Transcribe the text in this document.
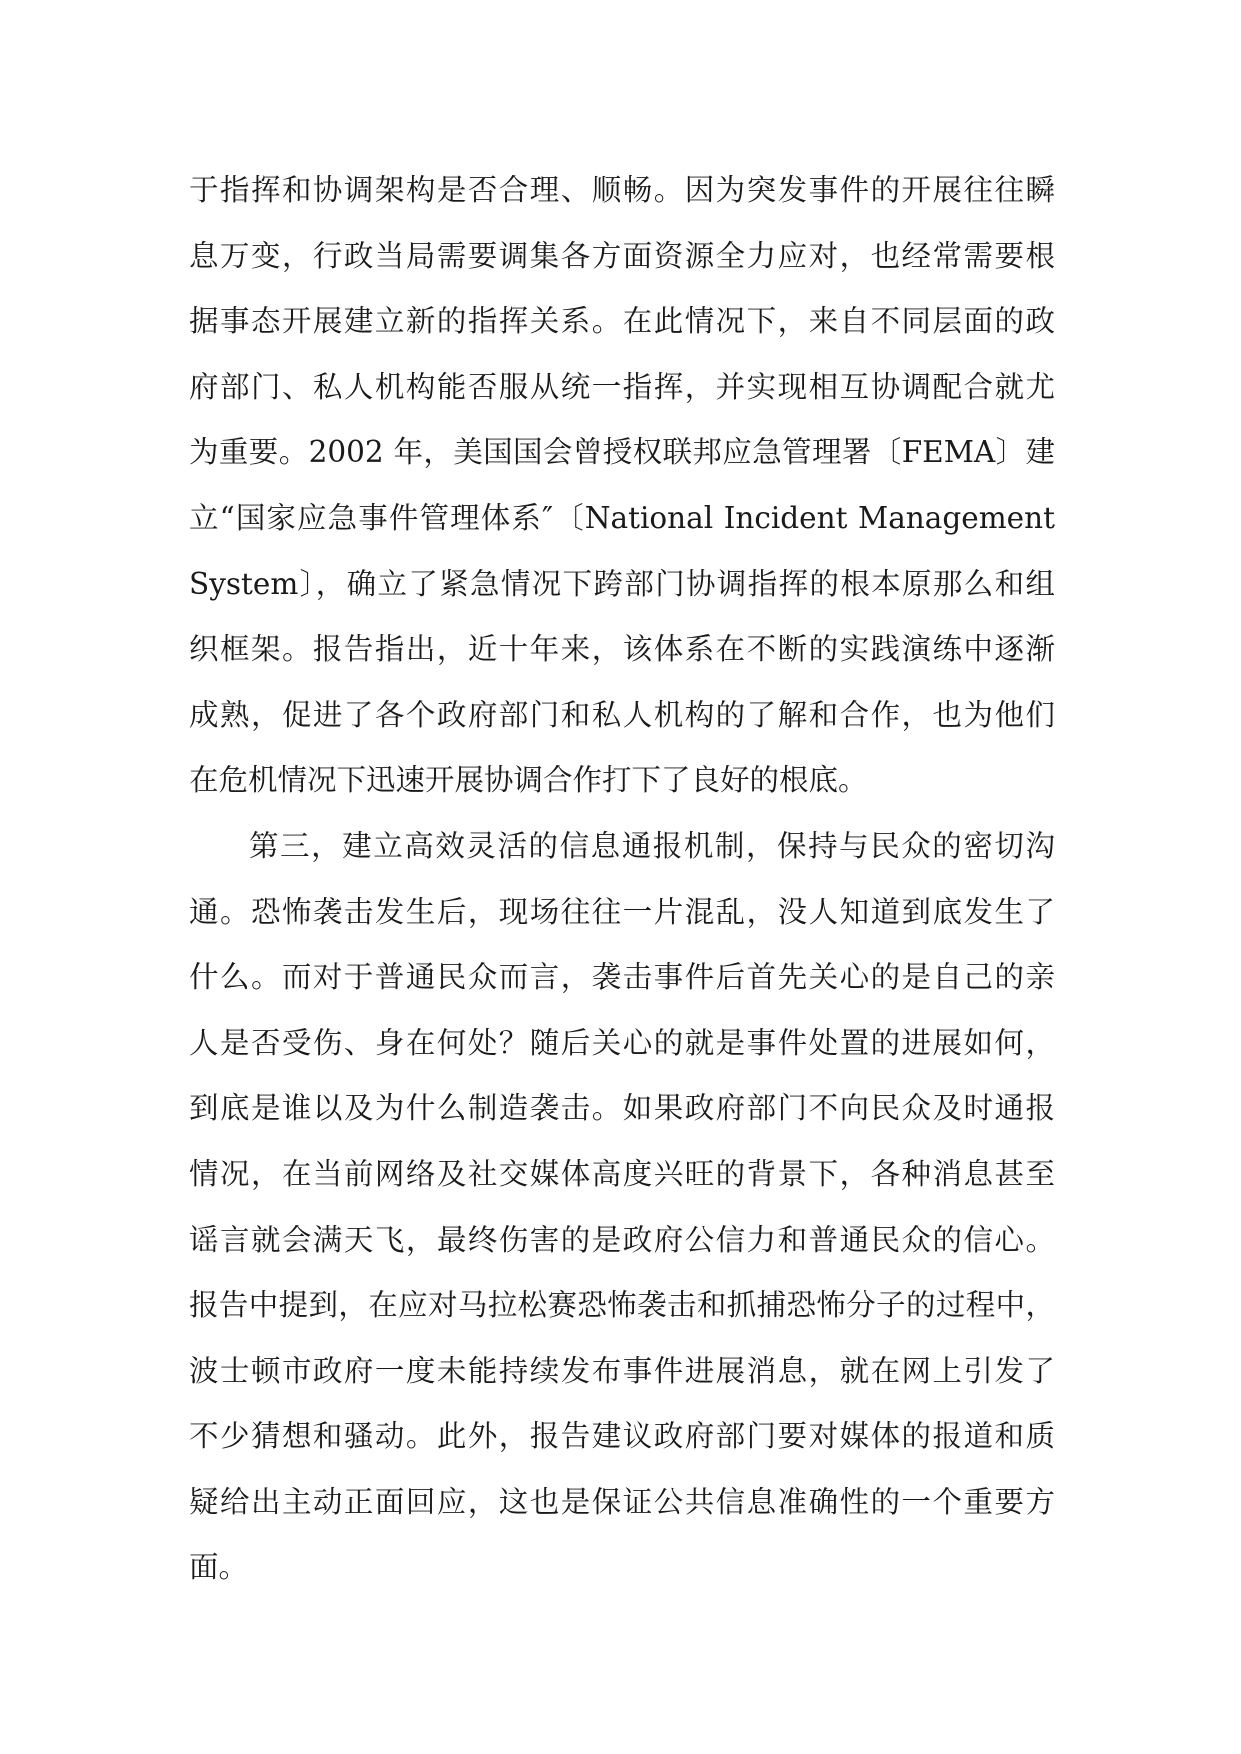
于指挥和协调架构是否合理、顺畅。因为突发事件的开展往往瞬
息万变，行政当局需要调集各方面资源全力应对，也经常需要根
据事态开展建立新的指挥关系。在此情况下，来自不同层面的政
府部门、私人机构能否服从统一指挥，并实现相互协调配合就尤
为重要。2002 年，美国国会曾授权联邦应急管理署〔FEMA〕建
立“国家应急事件管理体系″〔National Incident Management
System〕，确立了紧急情况下跨部门协调指挥的根本原那么和组
织框架。报告指出，近十年来，该体系在不断的实践演练中逐渐
成熟，促进了各个政府部门和私人机构的了解和合作，也为他们
在危机情况下迅速开展协调合作打下了良好的根底。
第三，建立高效灵活的信息通报机制，保持与民众的密切沟
通。恐怖袭击发生后，现场往往一片混乱，没人知道到底发生了
什么。而对于普通民众而言，袭击事件后首先关心的是自己的亲
人是否受伤、身在何处？随后关心的就是事件处置的进展如何，
到底是谁以及为什么制造袭击。如果政府部门不向民众及时通报
情况，在当前网络及社交媒体高度兴旺的背景下，各种消息甚至
谣言就会满天飞，最终伤害的是政府公信力和普通民众的信心。
报告中提到，在应对马拉松赛恐怖袭击和抓捕恐怖分子的过程中，
波士顿市政府一度未能持续发布事件进展消息，就在网上引发了
不少猜想和骚动。此外，报告建议政府部门要对媒体的报道和质
疑给出主动正面回应，这也是保证公共信息准确性的一个重要方
面。
